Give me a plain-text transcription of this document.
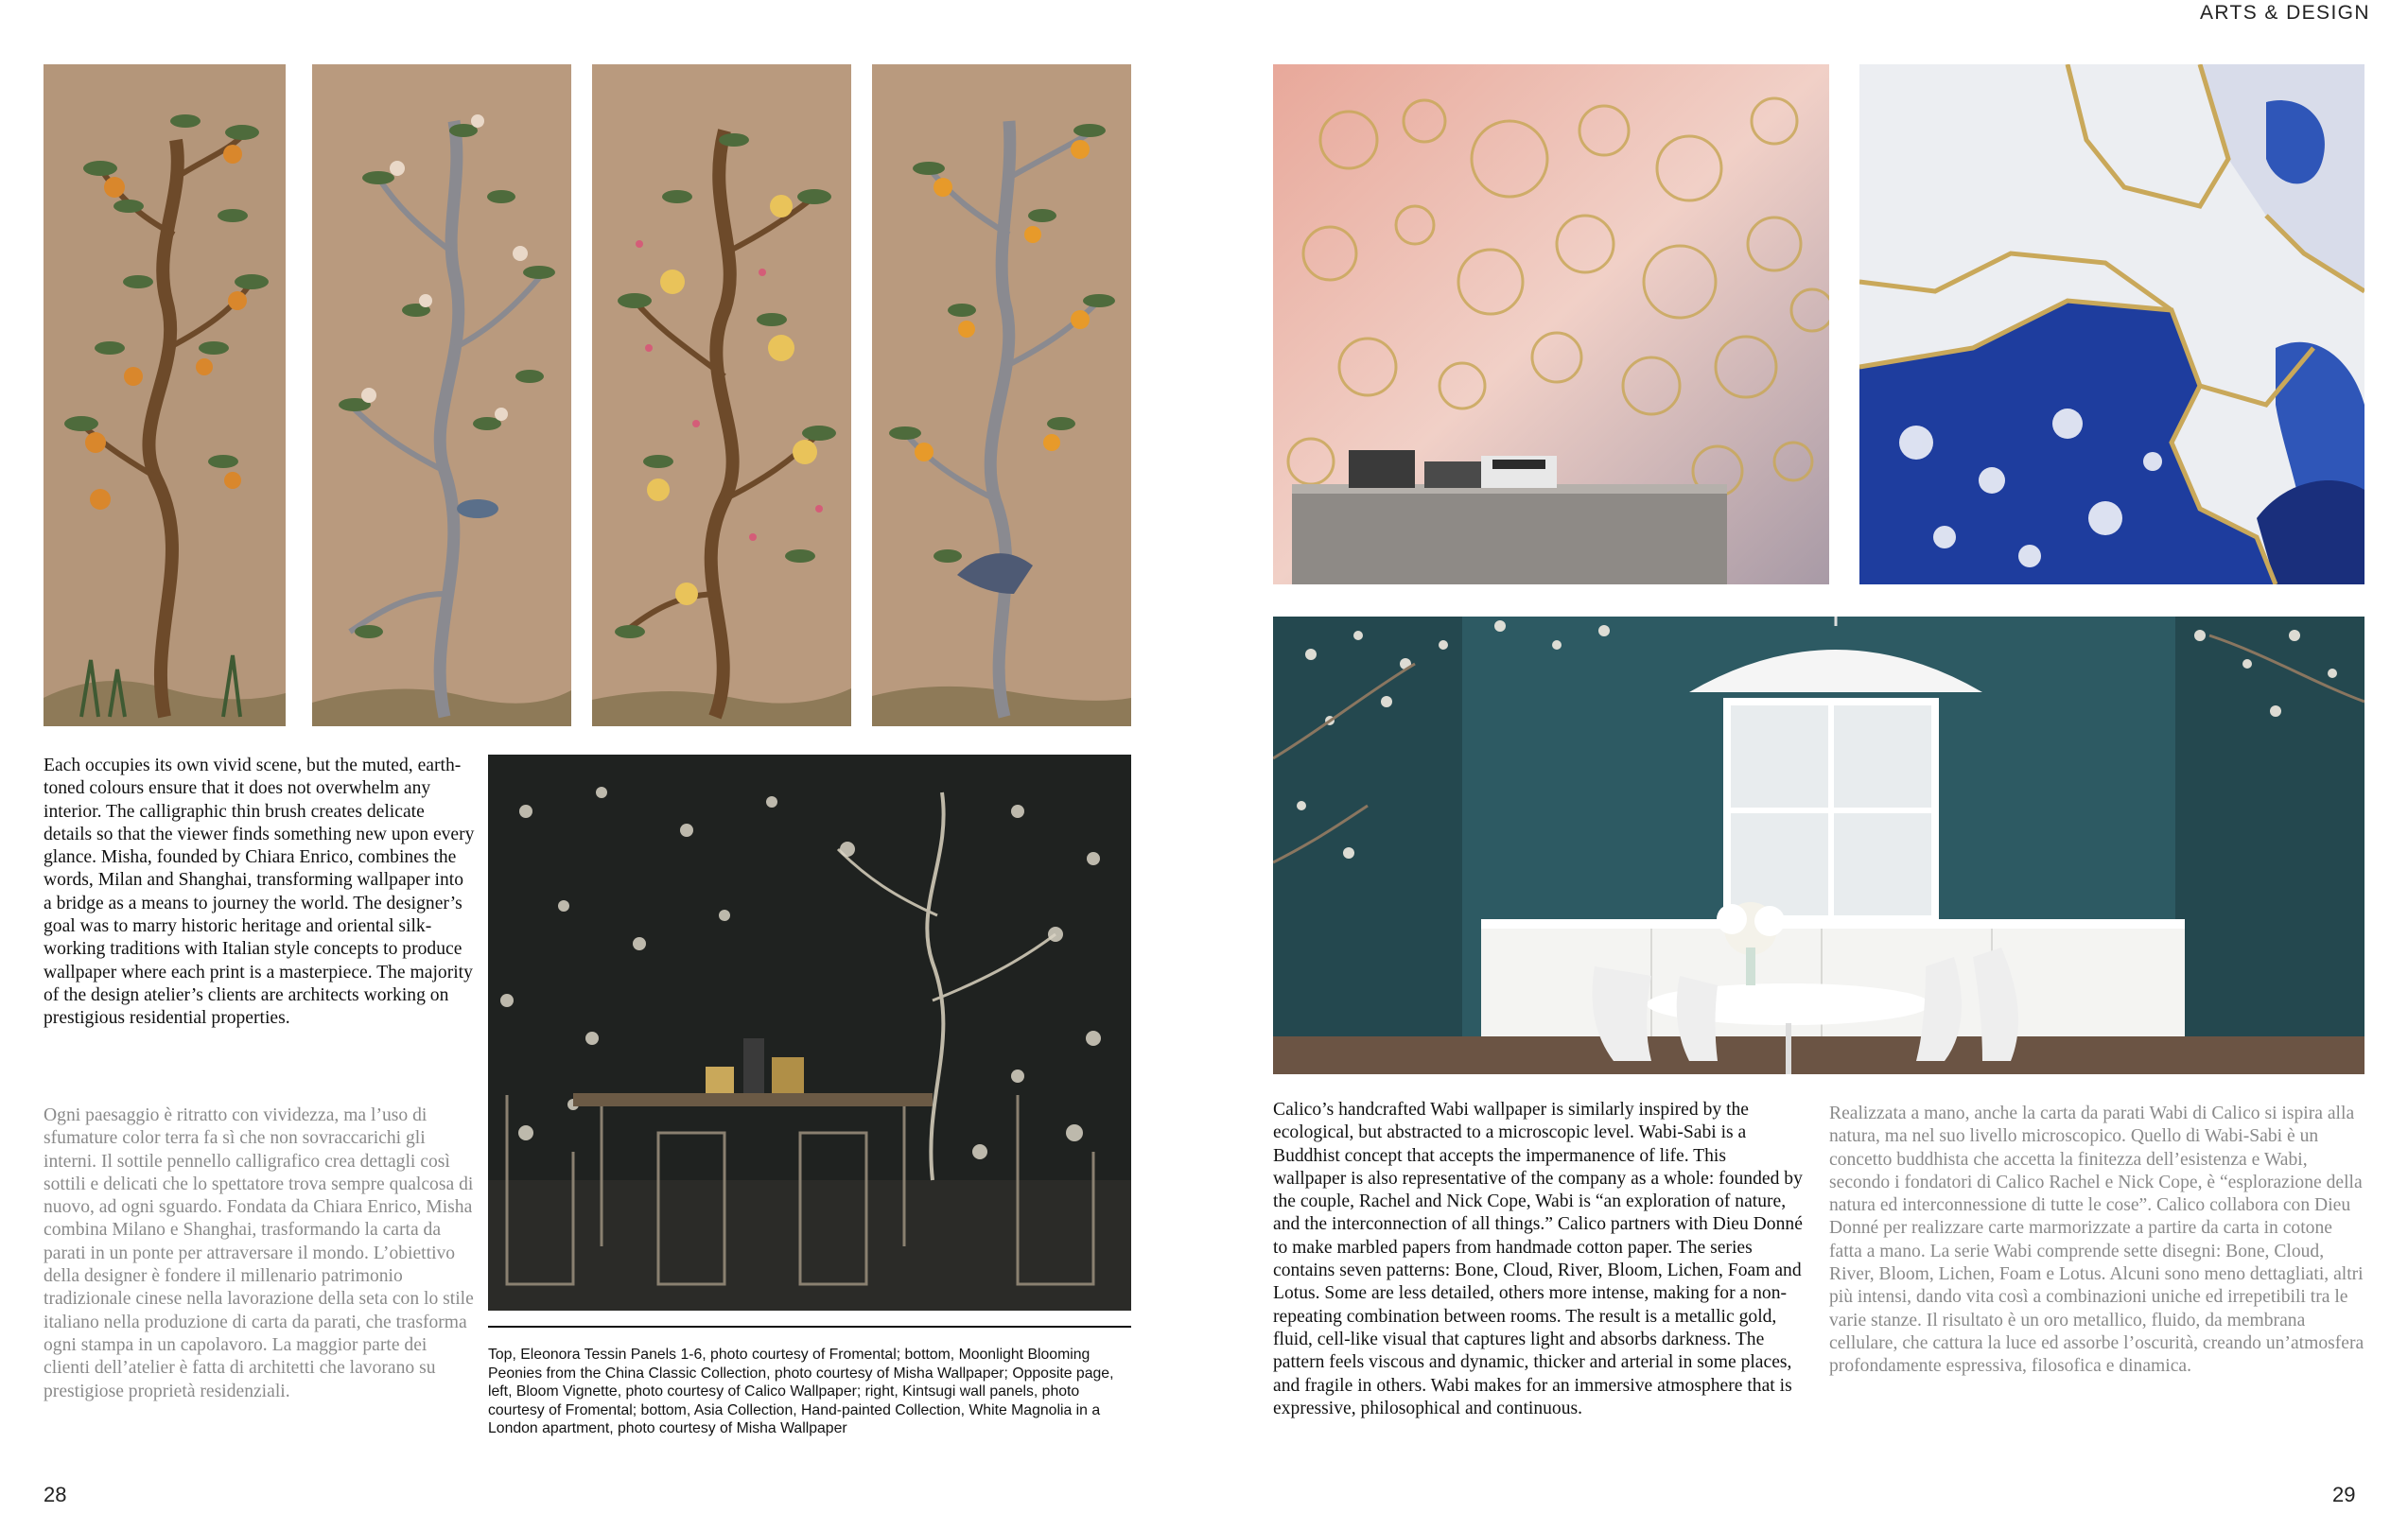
ARTS & DESIGN
Each occupies its own vivid scene, but the muted, earth-toned colours ensure that it does not overwhelm any interior. The calligraphic thin brush creates delicate details so that the viewer finds something new upon every glance. Misha, founded by Chiara Enrico, combines the words, Milan and Shanghai, transforming wallpaper into a bridge as a means to journey the world. The designer’s goal was to marry historic heritage and oriental silk-working traditions with Italian style concepts to produce wallpaper where each print is a masterpiece. The majority of the design atelier’s clients are architects working on prestigious residential properties.
Ogni paesaggio è ritratto con vividezza, ma l’uso di sfumature color terra fa sì che non sovraccarichi gli interni. Il sottile pennello calligrafico crea dettagli così sottili e delicati che lo spettatore trova sempre qualcosa di nuovo, ad ogni sguardo. Fondata da Chiara Enrico, Misha combina Milano e Shanghai, trasformando la carta da parati in un ponte per attraversare il mondo. L’obiettivo della designer è fondere il millenario patrimonio tradizionale cinese nella lavorazione della seta con lo stile italiano nella produzione di carta da parati, che trasforma ogni stampa in un capolavoro. La maggior parte dei clienti dell’atelier è fatta di architetti che lavorano su prestigiose proprietà residenziali.
Top, Eleonora Tessin Panels 1-6, photo courtesy of Fromental; bottom, Moonlight Blooming Peonies from the China Classic Collection, photo courtesy of Misha Wallpaper; Opposite page, left, Bloom Vignette, photo courtesy of Calico Wallpaper; right, Kintsugi wall panels, photo courtesy of Fromental; bottom, Asia Collection, Hand-painted Collection, White Magnolia in a London apartment, photo courtesy of Misha Wallpaper
28
Calico’s handcrafted Wabi wallpaper is similarly inspired by the ecological, but abstracted to a microscopic level. Wabi-Sabi is a Buddhist concept that accepts the impermanence of life. This wallpaper is also representative of the company as a whole: founded by the couple, Rachel and Nick Cope, Wabi is “an exploration of nature, and the interconnection of all things.” Calico partners with Dieu Donné to make marbled papers from handmade cotton paper. The series contains seven patterns: Bone, Cloud, River, Bloom, Lichen, Foam and Lotus. Some are less detailed, others more intense, making for a non-repeating combination between rooms. The result is a metallic gold, fluid, cell-like visual that captures light and absorbs darkness. The pattern feels viscous and dynamic, thicker and arterial in some places, and fragile in others. Wabi makes for an immersive atmosphere that is expressive, philosophical and continuous.
Realizzata a mano, anche la carta da parati Wabi di Calico si ispira alla natura, ma nel suo livello microscopico. Quello di Wabi-Sabi è un concetto buddhista che accetta la finitezza dell’esistenza e Wabi, secondo i fondatori di Calico Rachel e Nick Cope, è “esplorazione della natura ed interconnessione di tutte le cose”. Calico collabora con Dieu Donné per realizzare carte marmorizzate a partire da carta in cotone fatta a mano. La serie Wabi comprende sette disegni: Bone, Cloud, River, Bloom, Lichen, Foam e Lotus. Alcuni sono meno dettagliati, altri più intensi, dando vita così a combinazioni uniche ed irrepetibili tra le varie stanze. Il risultato è un oro metallico, fluido, da membrana cellulare, che cattura la luce ed assorbe l’oscurità, creando un’atmosfera profondamente espressiva, filosofica e dinamica.
29
